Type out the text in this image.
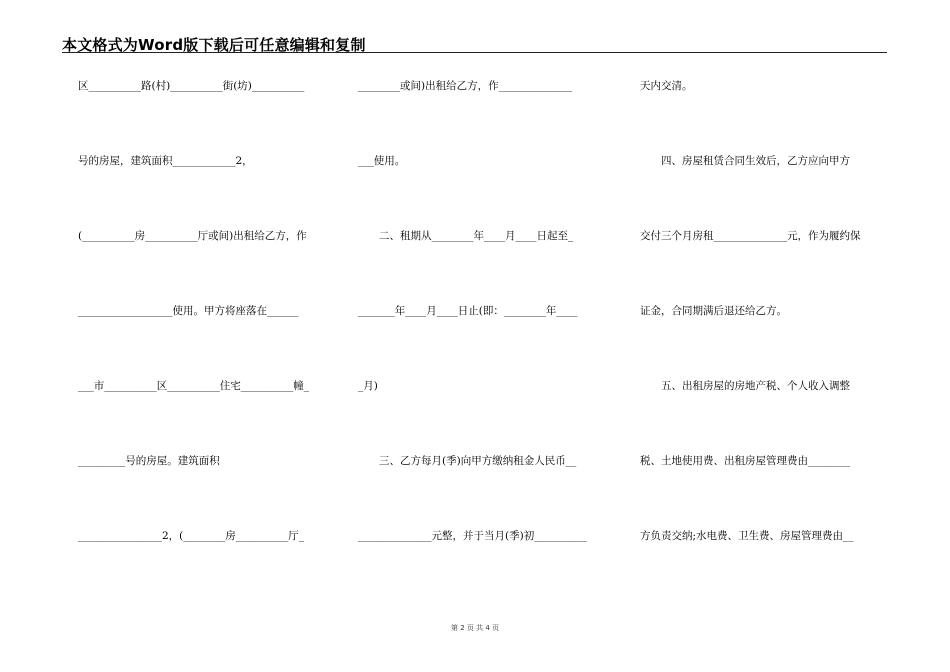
本文格式为Word版下载后可任意编辑和复制
区__________路(村)__________街(坊)__________
号的房屋，建筑面积____________2，
(__________房__________厅或间)出租给乙方，作
__________________使用。甲方将座落在______
___市__________区__________住宅__________幢_
_________号的房屋。建筑面积
________________2，(________房__________厅_
________或间)出租给乙方，作______________
___使用。
　　二、租期从________年____月____日起至_
_______年____月____日止(即：________年____
_月)
　　三、乙方每月(季)向甲方缴纳租金人民币__
______________元整，并于当月(季)初__________
天内交清。
　　四、房屋租赁合同生效后，乙方应向甲方
交付三个月房租______________元，作为履约保
证金，合同期满后退还给乙方。
　　五、出租房屋的房地产税、个人收入调整
税、土地使用费、出租房屋管理费由________
方负责交纳;水电费、卫生费、房屋管理费由__
第 2 页 共 4 页
